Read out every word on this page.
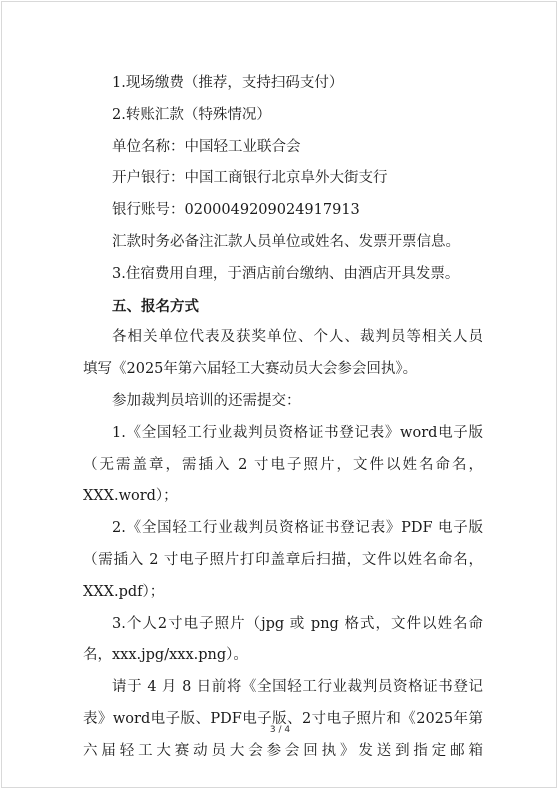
1.现场缴费（推荐，支持扫码支付）
2.转账汇款（特殊情况）
单位名称：中国轻工业联合会
开户银行：中国工商银行北京阜外大街支行
银行账号：0200049209024917913
汇款时务必备注汇款人员单位或姓名、发票开票信息。
3.住宿费用自理，于酒店前台缴纳、由酒店开具发票。
五、报名方式
各相关单位代表及获奖单位、个人、裁判员等相关人员
填写《2025年第六届轻工大赛动员大会参会回执》。
参加裁判员培训的还需提交：
1.《全国轻工行业裁判员资格证书登记表》word电子版
（无需盖章，需插入 2 寸电子照片，文件以姓名命名，
XXX.word）；
2.《全国轻工行业裁判员资格证书登记表》PDF 电子版
（需插入 2 寸电子照片打印盖章后扫描，文件以姓名命名，
XXX.pdf）；
3.个人2寸电子照片（jpg 或 png 格式，文件以姓名命
名，xxx.jpg/xxx.png）。
请于 4 月 8 日前将《全国轻工行业裁判员资格证书登记
表》word电子版、PDF电子版、2寸电子照片和《2025年第
六届轻工大赛动员大会参会回执》发送到指定邮箱
3 / 4
